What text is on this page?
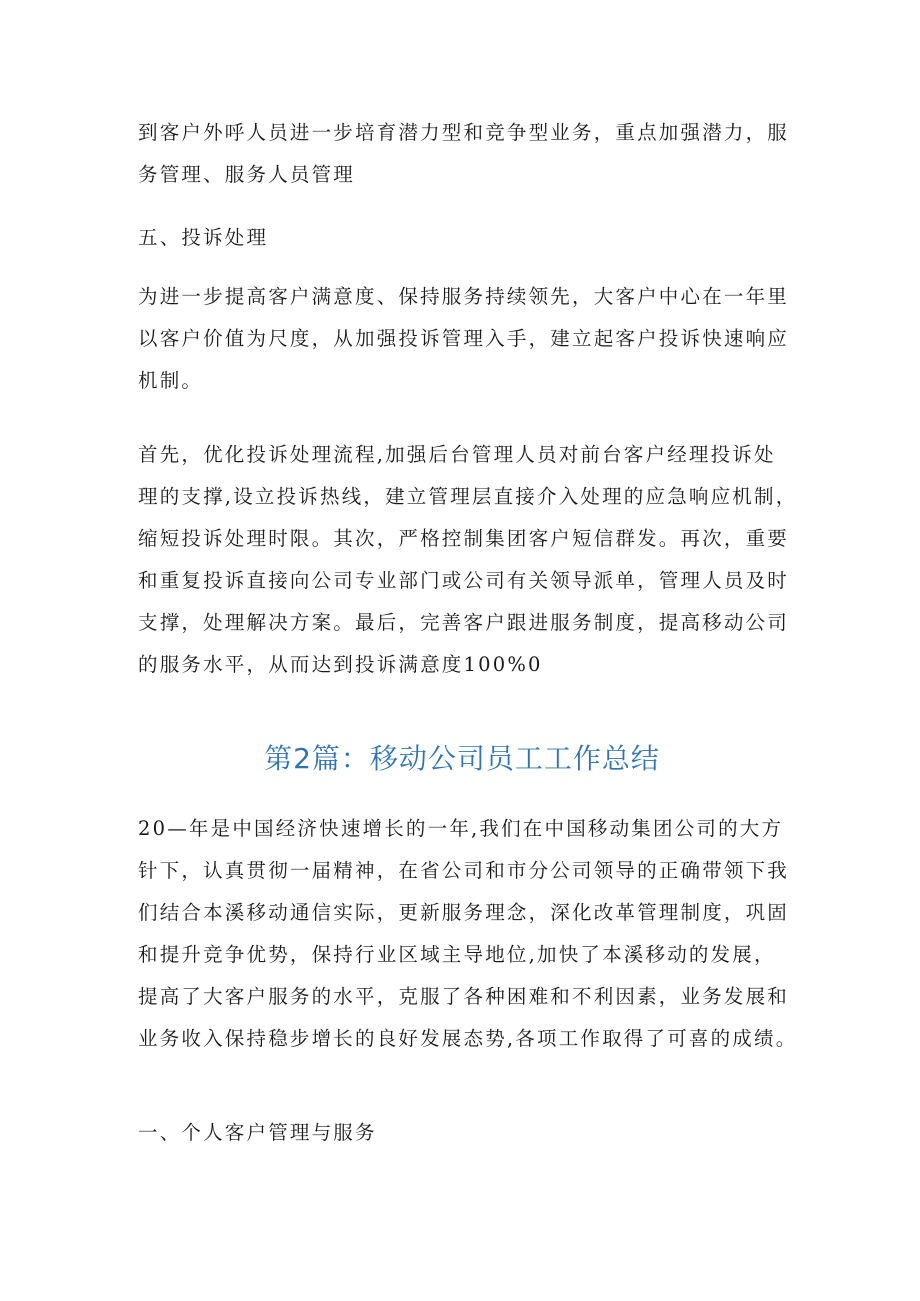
到客户外呼人员进一步培育潜力型和竞争型业务，重点加强潜力，服

务管理、服务人员管理

五、投诉处理

为进一步提高客户满意度、保持服务持续领先，大客户中心在一年里

以客户价值为尺度，从加强投诉管理入手，建立起客户投诉快速响应

机制。

首先，优化投诉处理流程,加强后台管理人员对前台客户经理投诉处

理的支撑,设立投诉热线，建立管理层直接介入处理的应急响应机制，

缩短投诉处理时限。其次，严格控制集团客户短信群发。再次，重要

和重复投诉直接向公司专业部门或公司有关领导派单，管理人员及时

支撑，处理解决方案。最后，完善客户跟进服务制度，提高移动公司

的服务水平，从而达到投诉满意度100%0

第2篇：移动公司员工工作总结

20—年是中国经济快速增长的一年,我们在中国移动集团公司的大方

针下，认真贯彻一届精神，在省公司和市分公司领导的正确带领下我

们结合本溪移动通信实际，更新服务理念，深化改革管理制度，巩固

和提升竞争优势，保持行业区域主导地位,加快了本溪移动的发展，

提高了大客户服务的水平，克服了各种困难和不利因素，业务发展和

业务收入保持稳步增长的良好发展态势,各项工作取得了可喜的成绩。

一、个人客户管理与服务
